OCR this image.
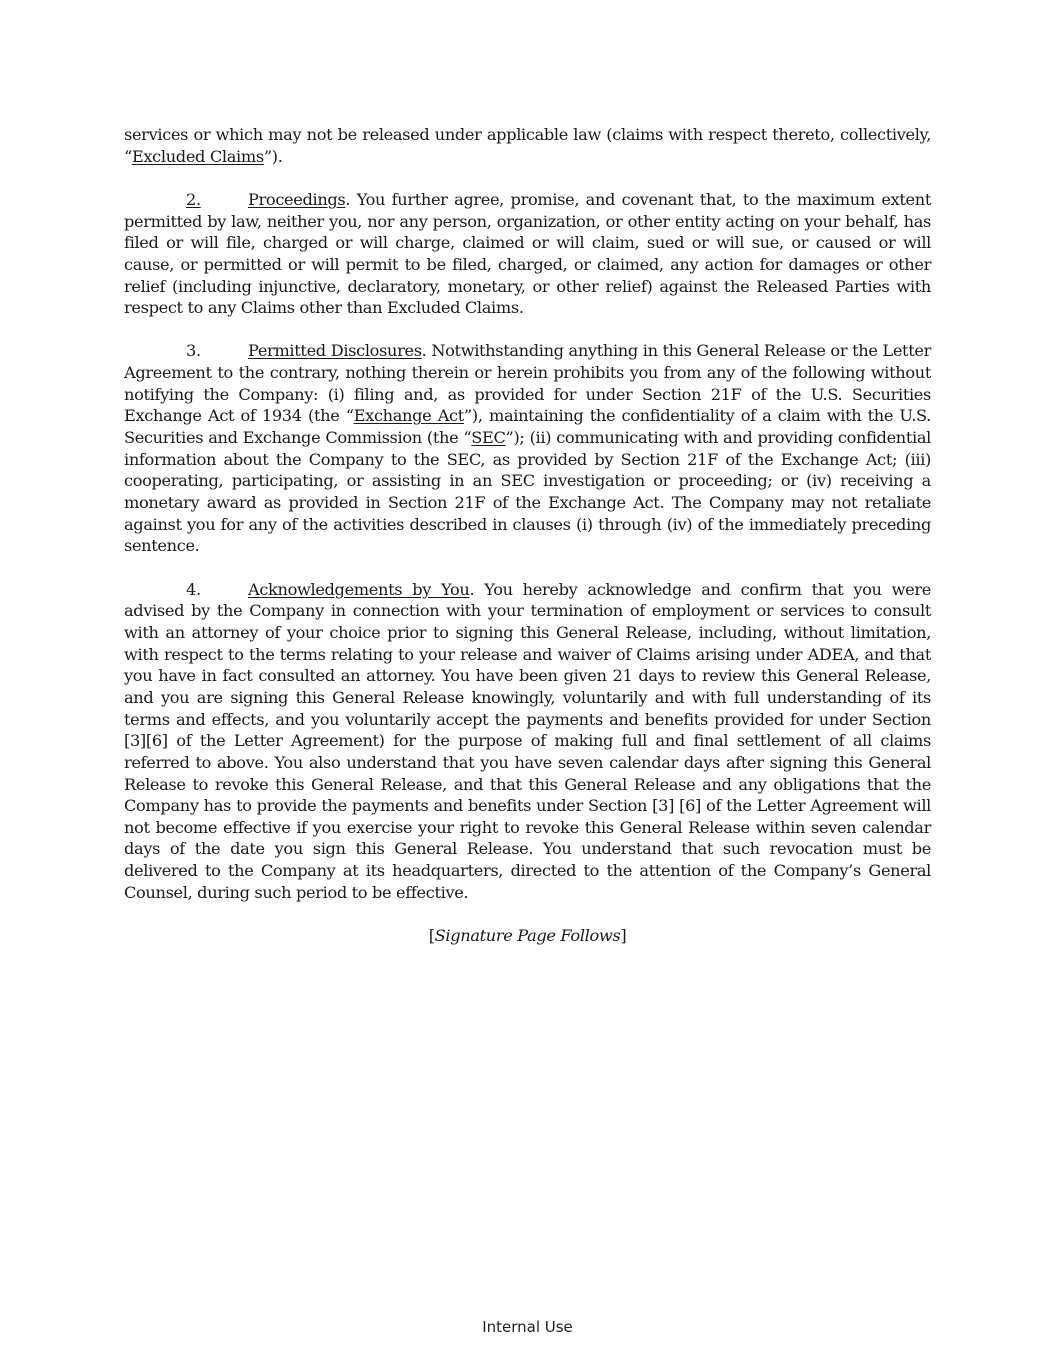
services or which may not be released under applicable law (claims with respect thereto, collectively, “Excluded Claims”).

2.	Proceedings. You further agree, promise, and covenant that, to the maximum extent permitted by law, neither you, nor any person, organization, or other entity acting on your behalf, has filed or will file, charged or will charge, claimed or will claim, sued or will sue, or caused or will cause, or permitted or will permit to be filed, charged, or claimed, any action for damages or other relief (including injunctive, declaratory, monetary, or other relief) against the Released Parties with respect to any Claims other than Excluded Claims.

3.	Permitted Disclosures. Notwithstanding anything in this General Release or the Letter Agreement to the contrary, nothing therein or herein prohibits you from any of the following without notifying the Company: (i) filing and, as provided for under Section 21F of the U.S. Securities Exchange Act of 1934 (the “Exchange Act”), maintaining the confidentiality of a claim with the U.S. Securities and Exchange Commission (the “SEC”); (ii) communicating with and providing confidential information about the Company to the SEC, as provided by Section 21F of the Exchange Act; (iii) cooperating, participating, or assisting in an SEC investigation or proceeding; or (iv) receiving a monetary award as provided in Section 21F of the Exchange Act. The Company may not retaliate against you for any of the activities described in clauses (i) through (iv) of the immediately preceding sentence.

4.	Acknowledgements by You. You hereby acknowledge and confirm that you were advised by the Company in connection with your termination of employment or services to consult with an attorney of your choice prior to signing this General Release, including, without limitation, with respect to the terms relating to your release and waiver of Claims arising under ADEA, and that you have in fact consulted an attorney. You have been given 21 days to review this General Release, and you are signing this General Release knowingly, voluntarily and with full understanding of its terms and effects, and you voluntarily accept the payments and benefits provided for under Section [3][6] of the Letter Agreement) for the purpose of making full and final settlement of all claims referred to above. You also understand that you have seven calendar days after signing this General Release to revoke this General Release, and that this General Release and any obligations that the Company has to provide the payments and benefits under Section [3] [6] of the Letter Agreement will not become effective if you exercise your right to revoke this General Release within seven calendar days of the date you sign this General Release. You understand that such revocation must be delivered to the Company at its headquarters, directed to the attention of the Company’s General Counsel, during such period to be effective.

[Signature Page Follows]

Internal Use
